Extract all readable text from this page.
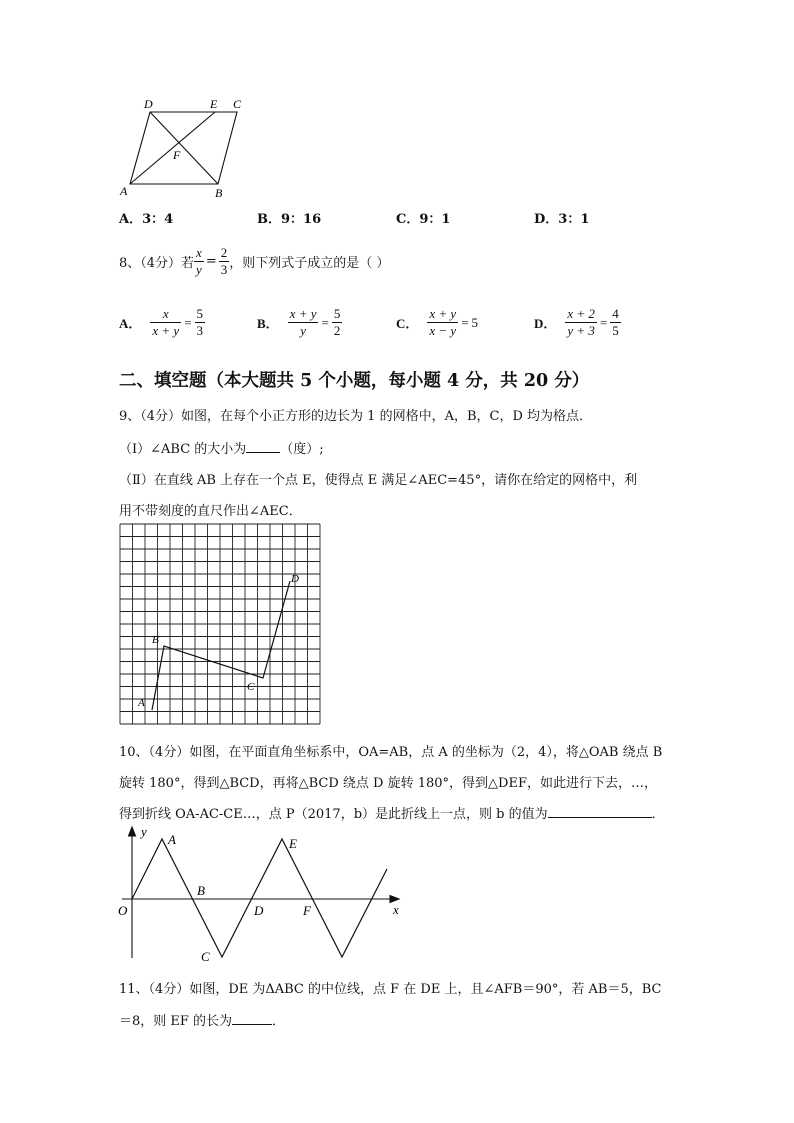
D	E C
F
A	B
A．3：4	B．9：16	C．9：1	D．3：1
8、（4分）若 $\frac{x}{y} = \frac{2}{3}$ ，则下列式子成立的是（ ）
A． $\frac{x}{x + y} = \frac{5}{3}$	B． $\frac{x + y}{y} = \frac{5}{2}$	C． $\frac{x + y}{x - y} = 5$	D． $\frac{x + 2}{y + 3} = \frac{4}{5}$
二、填空题（本大题共 5 个小题，每小题 4 分，共 20 分）
9、（4分）如图，在每个小正方形的边长为 1 的网格中，A，B，C，D 均为格点．
（Ⅰ）∠ABC 的大小为	（度）;
（Ⅱ）在直线 AB 上存在一个点 E，使得点 E 满足∠AEC=45°，请你在给定的网格中，利
用不带刻度的直尺作出∠AEC．
A
B
C
D
10、（4分）如图，在平面直角坐标系中，OA=AB，点 A 的坐标为（2，4），将△OAB 绕点 B
旋转 180°，得到△BCD，再将△BCD 绕点 D 旋转 180°，得到△DEF，如此进行下去，…，
得到折线 OA-AC-CE…，点 P（2017，b）是此折线上一点，则 b 的值为	．
y
x
O
A
B
C
D
E
F
11、（4分）如图，DE 为ΔABC 的中位线，点 F 在 DE 上，且∠AFB＝90°，若 AB＝5，BC
＝8，则 EF 的长为	．
